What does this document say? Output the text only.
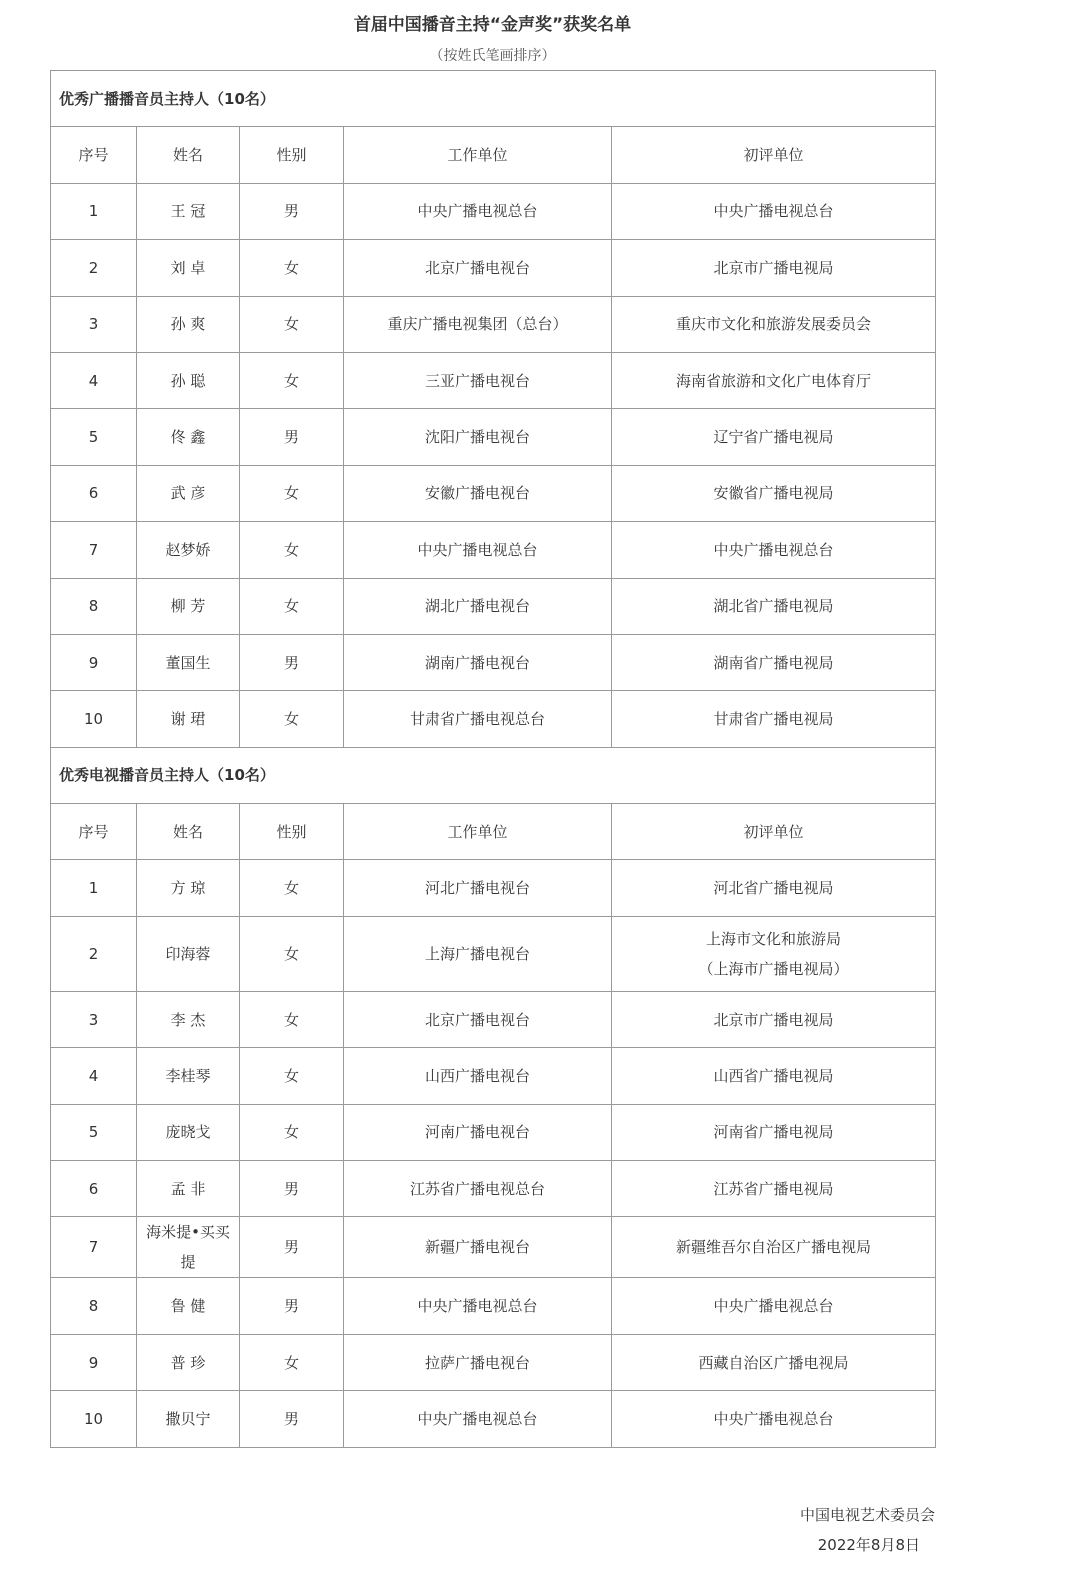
首届中国播音主持“金声奖”获奖名单
（按姓氏笔画排序）
优秀广播播音员主持人（10名）				
序号	姓名	性别	工作单位	初评单位
1	王 冠	男	中央广播电视总台	中央广播电视总台
2	刘 卓	女	北京广播电视台	北京市广播电视局
3	孙 爽	女	重庆广播电视集团（总台）	重庆市文化和旅游发展委员会
4	孙 聪	女	三亚广播电视台	海南省旅游和文化广电体育厅
5	佟 鑫	男	沈阳广播电视台	辽宁省广播电视局
6	武 彦	女	安徽广播电视台	安徽省广播电视局
7	赵梦娇	女	中央广播电视总台	中央广播电视总台
8	柳 芳	女	湖北广播电视台	湖北省广播电视局
9	董国生	男	湖南广播电视台	湖南省广播电视局
10	谢 珺	女	甘肃省广播电视总台	甘肃省广播电视局
优秀电视播音员主持人（10名）				
序号	姓名	性别	工作单位	初评单位
1	方 琼	女	河北广播电视台	河北省广播电视局
2	印海蓉	女	上海广播电视台	上海市文化和旅游局
（上海市广播电视局）

3	李 杰	女	北京广播电视台	北京市广播电视局
4	李桂琴	女	山西广播电视台	山西省广播电视局
5	庞晓戈	女	河南广播电视台	河南省广播电视局
6	孟 非	男	江苏省广播电视总台	江苏省广播电视局
7	海米提•买买
提	男	新疆广播电视台	新疆维吾尔自治区广播电视局
8	鲁 健	男	中央广播电视总台	中央广播电视总台
9	普 珍	女	拉萨广播电视台	西藏自治区广播电视局
10	撒贝宁	男	中央广播电视总台	中央广播电视总台
中国电视艺术委员会
2022年8月8日
